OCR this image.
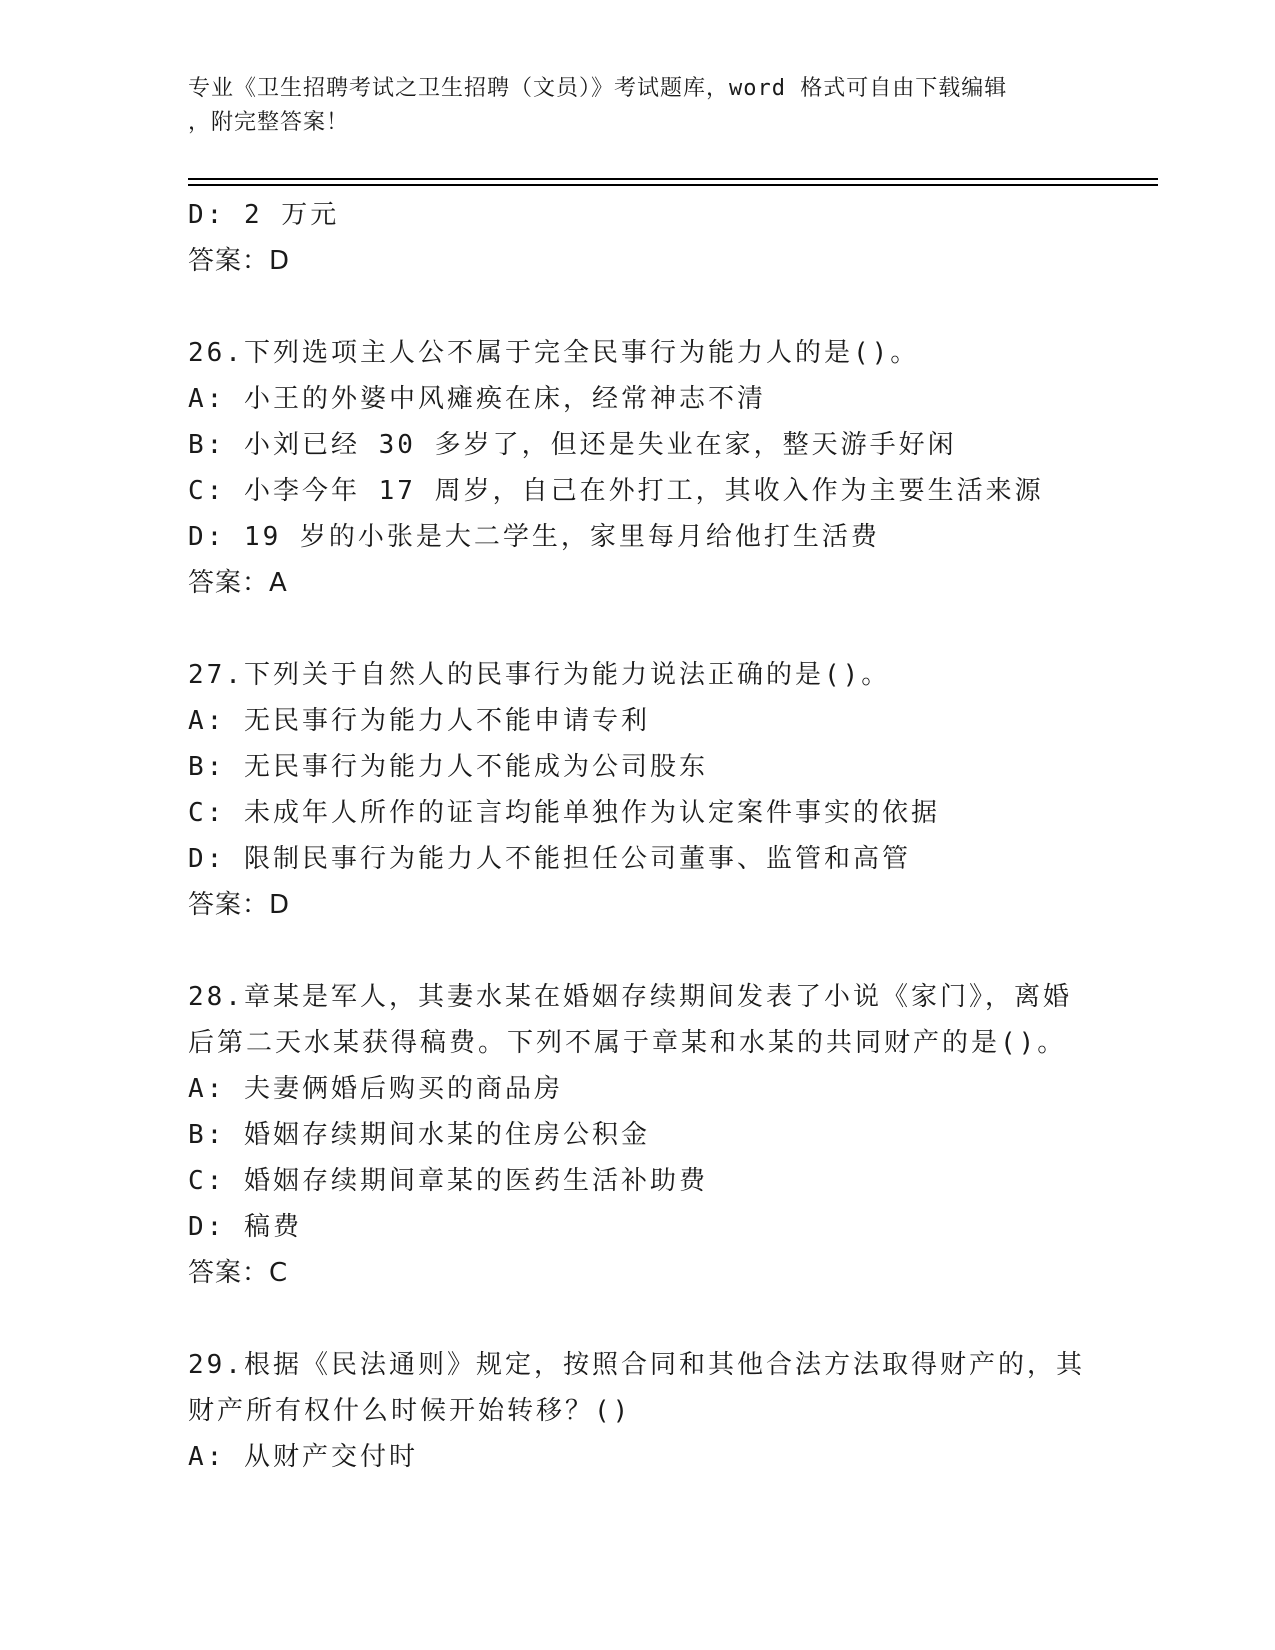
专业《卫生招聘考试之卫生招聘（文员）》考试题库，word 格式可自由下载编辑
，附完整答案！
D: 2 万元
答案：D
26.下列选项主人公不属于完全民事行为能力人的是()。
A: 小王的外婆中风瘫痪在床，经常神志不清
B: 小刘已经 30 多岁了，但还是失业在家，整天游手好闲
C: 小李今年 17 周岁，自己在外打工，其收入作为主要生活来源
D: 19 岁的小张是大二学生，家里每月给他打生活费
答案：A
27.下列关于自然人的民事行为能力说法正确的是()。
A: 无民事行为能力人不能申请专利
B: 无民事行为能力人不能成为公司股东
C: 未成年人所作的证言均能单独作为认定案件事实的依据
D: 限制民事行为能力人不能担任公司董事、监管和高管
答案：D
28.章某是军人，其妻水某在婚姻存续期间发表了小说《家门》，离婚
后第二天水某获得稿费。下列不属于章某和水某的共同财产的是()。
A: 夫妻俩婚后购买的商品房
B: 婚姻存续期间水某的住房公积金
C: 婚姻存续期间章某的医药生活补助费
D: 稿费
答案：C
29.根据《民法通则》规定，按照合同和其他合法方法取得财产的，其
财产所有权什么时候开始转移？()
A: 从财产交付时
